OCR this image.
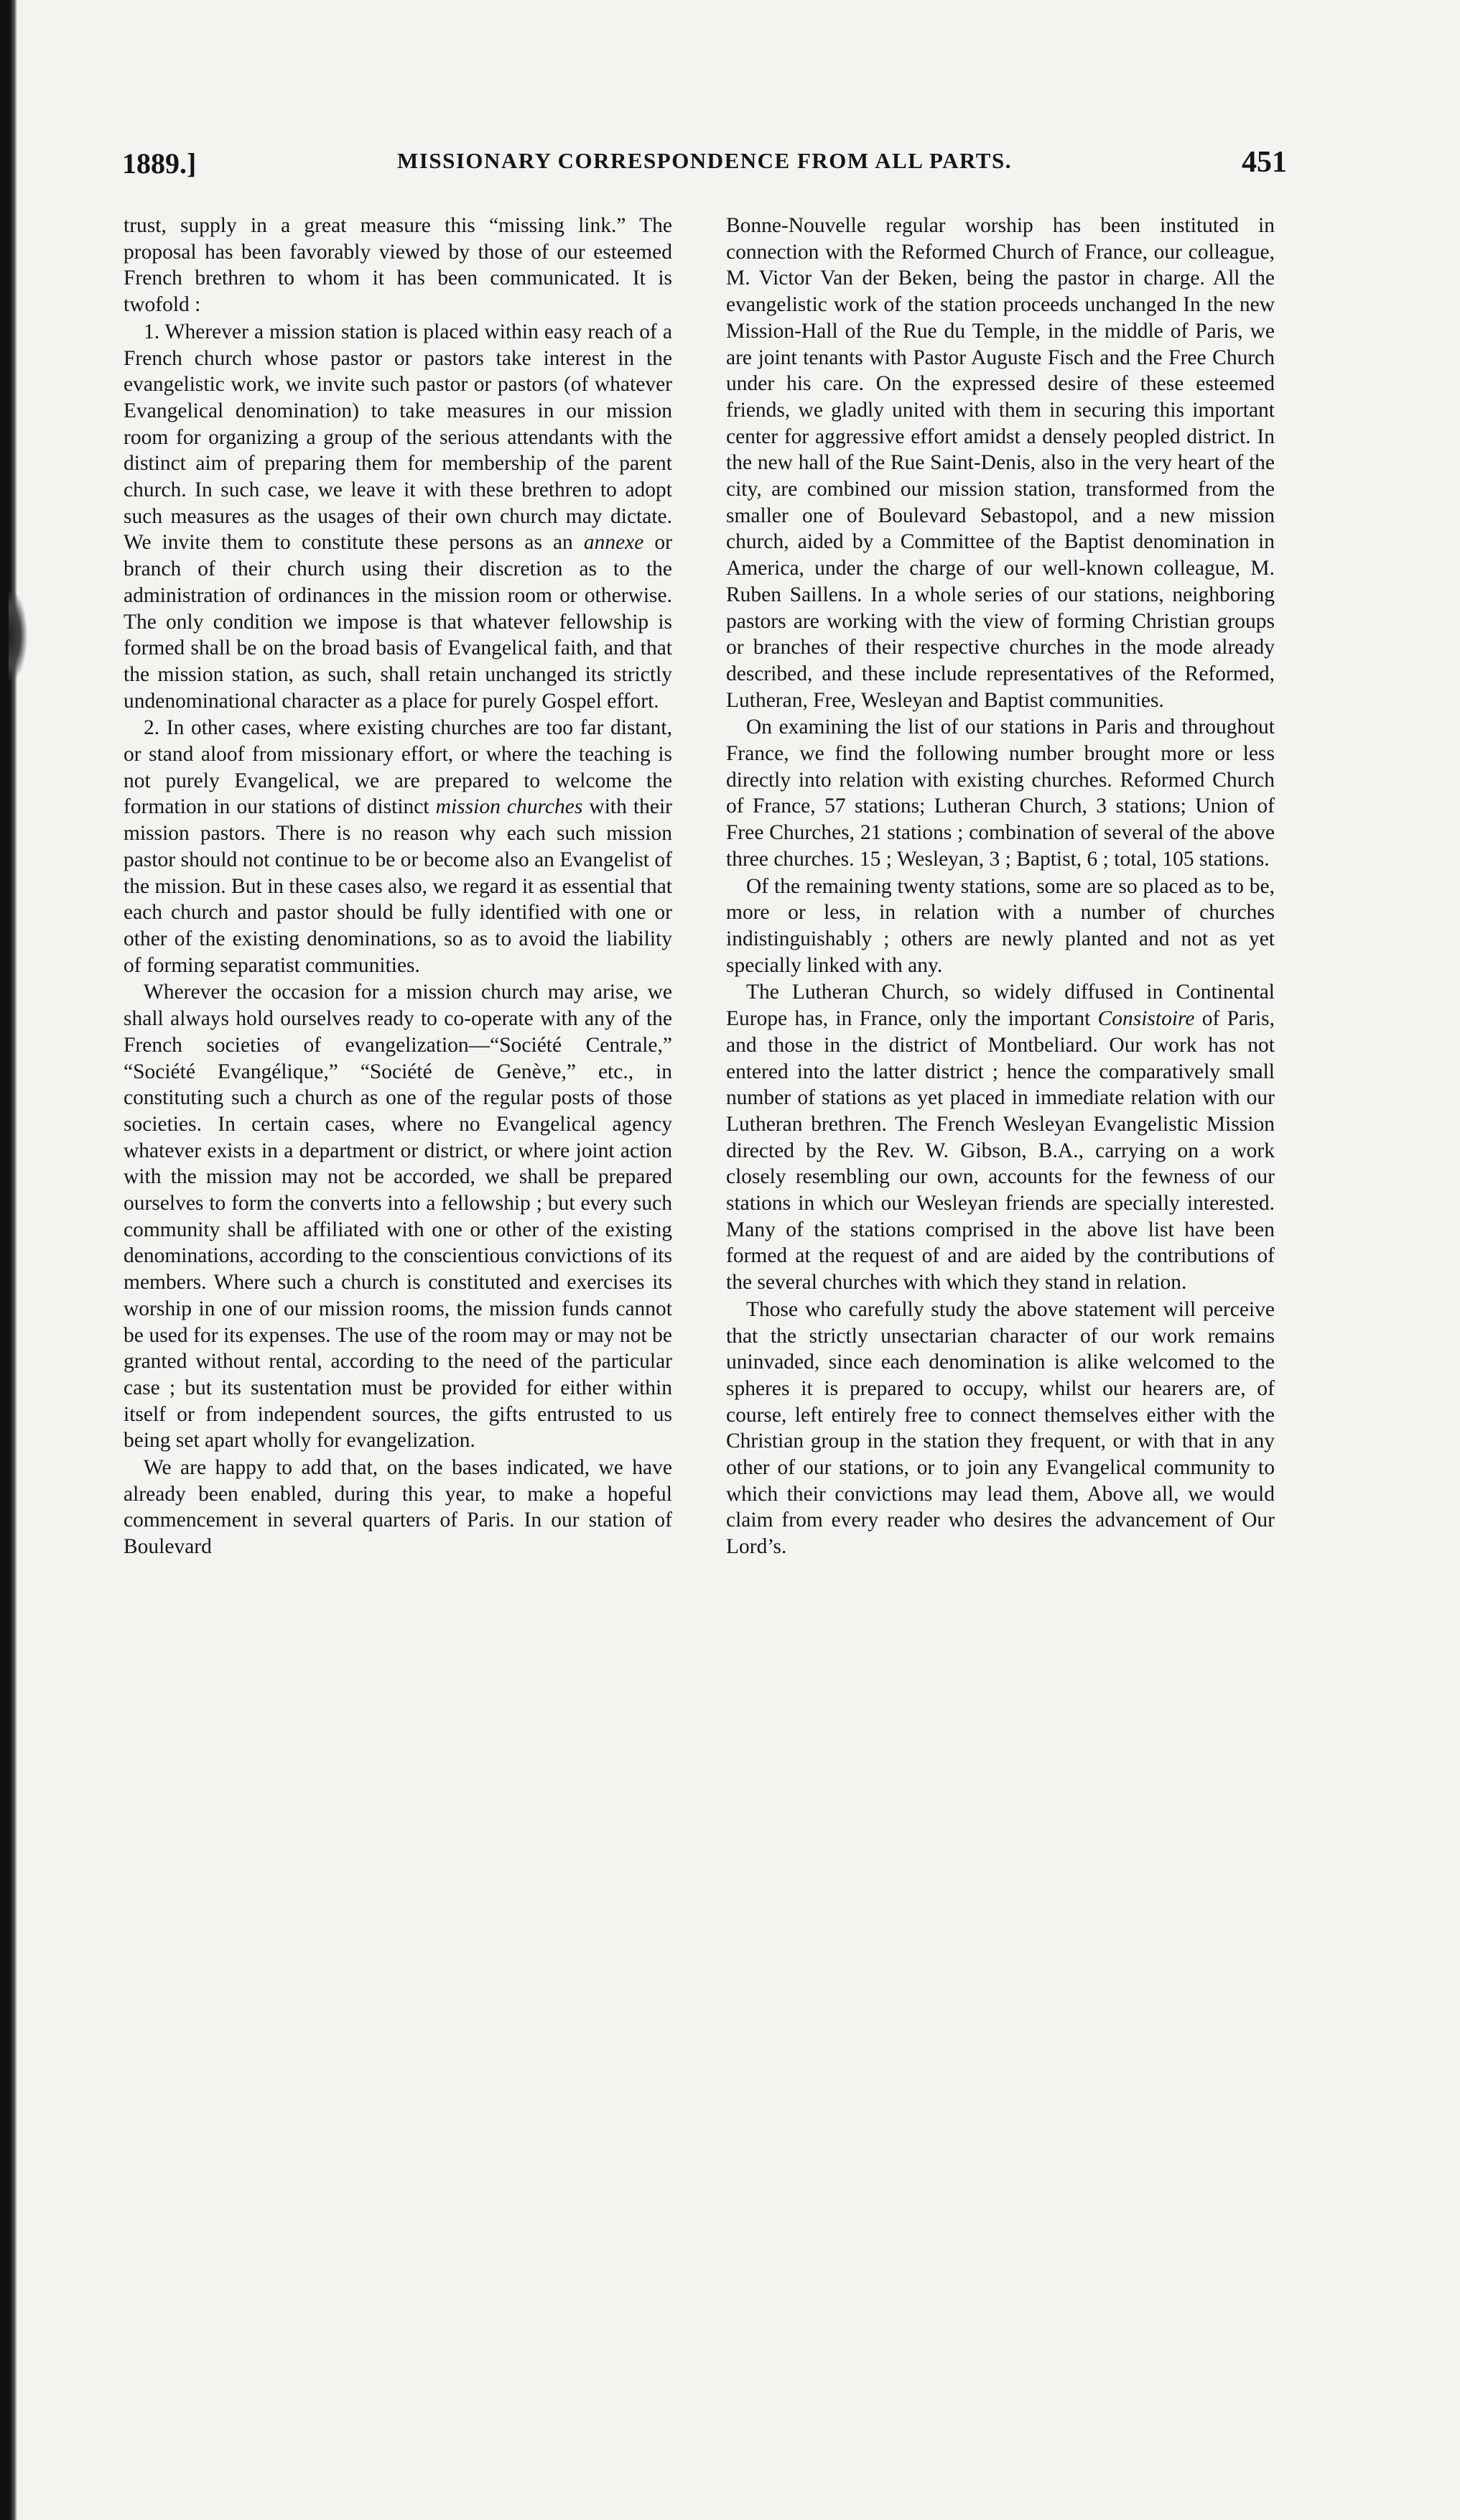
1889.]	MISSIONARY CORRESPONDENCE FROM ALL PARTS.	451

trust, supply in a great measure this “missing link.” The proposal has been favorably viewed by those of our esteemed French brethren to whom it has been communicated. It is twofold :

1. Wherever a mission station is placed within easy reach of a French church whose pastor or pastors take interest in the evangelistic work, we invite such pastor or pastors (of whatever Evangelical denomination) to take measures in our mission room for organizing a group of the serious attendants with the distinct aim of preparing them for membership of the parent church. In such case, we leave it with these brethren to adopt such measures as the usages of their own church may dictate. We invite them to constitute these persons as an annexe or branch of their church using their discretion as to the administration of ordinances in the mission room or otherwise. The only condition we impose is that whatever fellowship is formed shall be on the broad basis of Evangelical faith, and that the mission station, as such, shall retain unchanged its strictly undenominational character as a place for purely Gospel effort.

2. In other cases, where existing churches are too far distant, or stand aloof from missionary effort, or where the teaching is not purely Evangelical, we are prepared to welcome the formation in our stations of distinct mission churches with their mission pastors. There is no reason why each such mission pastor should not continue to be or become also an Evangelist of the mission. But in these cases also, we regard it as essential that each church and pastor should be fully identified with one or other of the existing denominations, so as to avoid the liability of forming separatist communities.

Wherever the occasion for a mission church may arise, we shall always hold ourselves ready to co-operate with any of the French societies of evangelization—“Société Centrale,” “Société Evangélique,” “Société de Genève,” etc., in constituting such a church as one of the regular posts of those societies. In certain cases, where no Evangelical agency whatever exists in a department or district, or where joint action with the mission may not be accorded, we shall be prepared ourselves to form the converts into a fellowship ; but every such community shall be affiliated with one or other of the existing denominations, according to the conscientious convictions of its members. Where such a church is constituted and exercises its worship in one of our mission rooms, the mission funds cannot be used for its expenses. The use of the room may or may not be granted without rental, according to the need of the particular case ; but its sustentation must be provided for either within itself or from independent sources, the gifts entrusted to us being set apart wholly for evangelization.

We are happy to add that, on the bases indicated, we have already been enabled, during this year, to make a hopeful commencement in several quarters of Paris. In our station of Boulevard

Bonne-Nouvelle regular worship has been instituted in connection with the Reformed Church of France, our colleague, M. Victor Van der Beken, being the pastor in charge. All the evangelistic work of the station proceeds unchanged In the new Mission-Hall of the Rue du Temple, in the middle of Paris, we are joint tenants with Pastor Auguste Fisch and the Free Church under his care. On the expressed desire of these esteemed friends, we gladly united with them in securing this important center for aggressive effort amidst a densely peopled district. In the new hall of the Rue Saint-Denis, also in the very heart of the city, are combined our mission station, transformed from the smaller one of Boulevard Sebastopol, and a new mission church, aided by a Committee of the Baptist denomination in America, under the charge of our well-known colleague, M. Ruben Saillens. In a whole series of our stations, neighboring pastors are working with the view of forming Christian groups or branches of their respective churches in the mode already described, and these include representatives of the Reformed, Lutheran, Free, Wesleyan and Baptist communities.

On examining the list of our stations in Paris and throughout France, we find the following number brought more or less directly into relation with existing churches. Reformed Church of France, 57 stations; Lutheran Church, 3 stations; Union of Free Churches, 21 stations ; combination of several of the above three churches. 15 ; Wesleyan, 3 ; Baptist, 6 ; total, 105 stations.

Of the remaining twenty stations, some are so placed as to be, more or less, in relation with a number of churches indistinguishably ; others are newly planted and not as yet specially linked with any.

The Lutheran Church, so widely diffused in Continental Europe has, in France, only the important Consistoire of Paris, and those in the district of Montbeliard. Our work has not entered into the latter district ; hence the comparatively small number of stations as yet placed in immediate relation with our Lutheran brethren. The French Wesleyan Evangelistic Mission directed by the Rev. W. Gibson, B.A., carrying on a work closely resembling our own, accounts for the fewness of our stations in which our Wesleyan friends are specially interested. Many of the stations comprised in the above list have been formed at the request of and are aided by the contributions of the several churches with which they stand in relation.

Those who carefully study the above statement will perceive that the strictly unsectarian character of our work remains uninvaded, since each denomination is alike welcomed to the spheres it is prepared to occupy, whilst our hearers are, of course, left entirely free to connect themselves either with the Christian group in the station they frequent, or with that in any other of our stations, or to join any Evangelical community to which their convictions may lead them, Above all, we would claim from every reader who desires the advancement of Our Lord’s.
